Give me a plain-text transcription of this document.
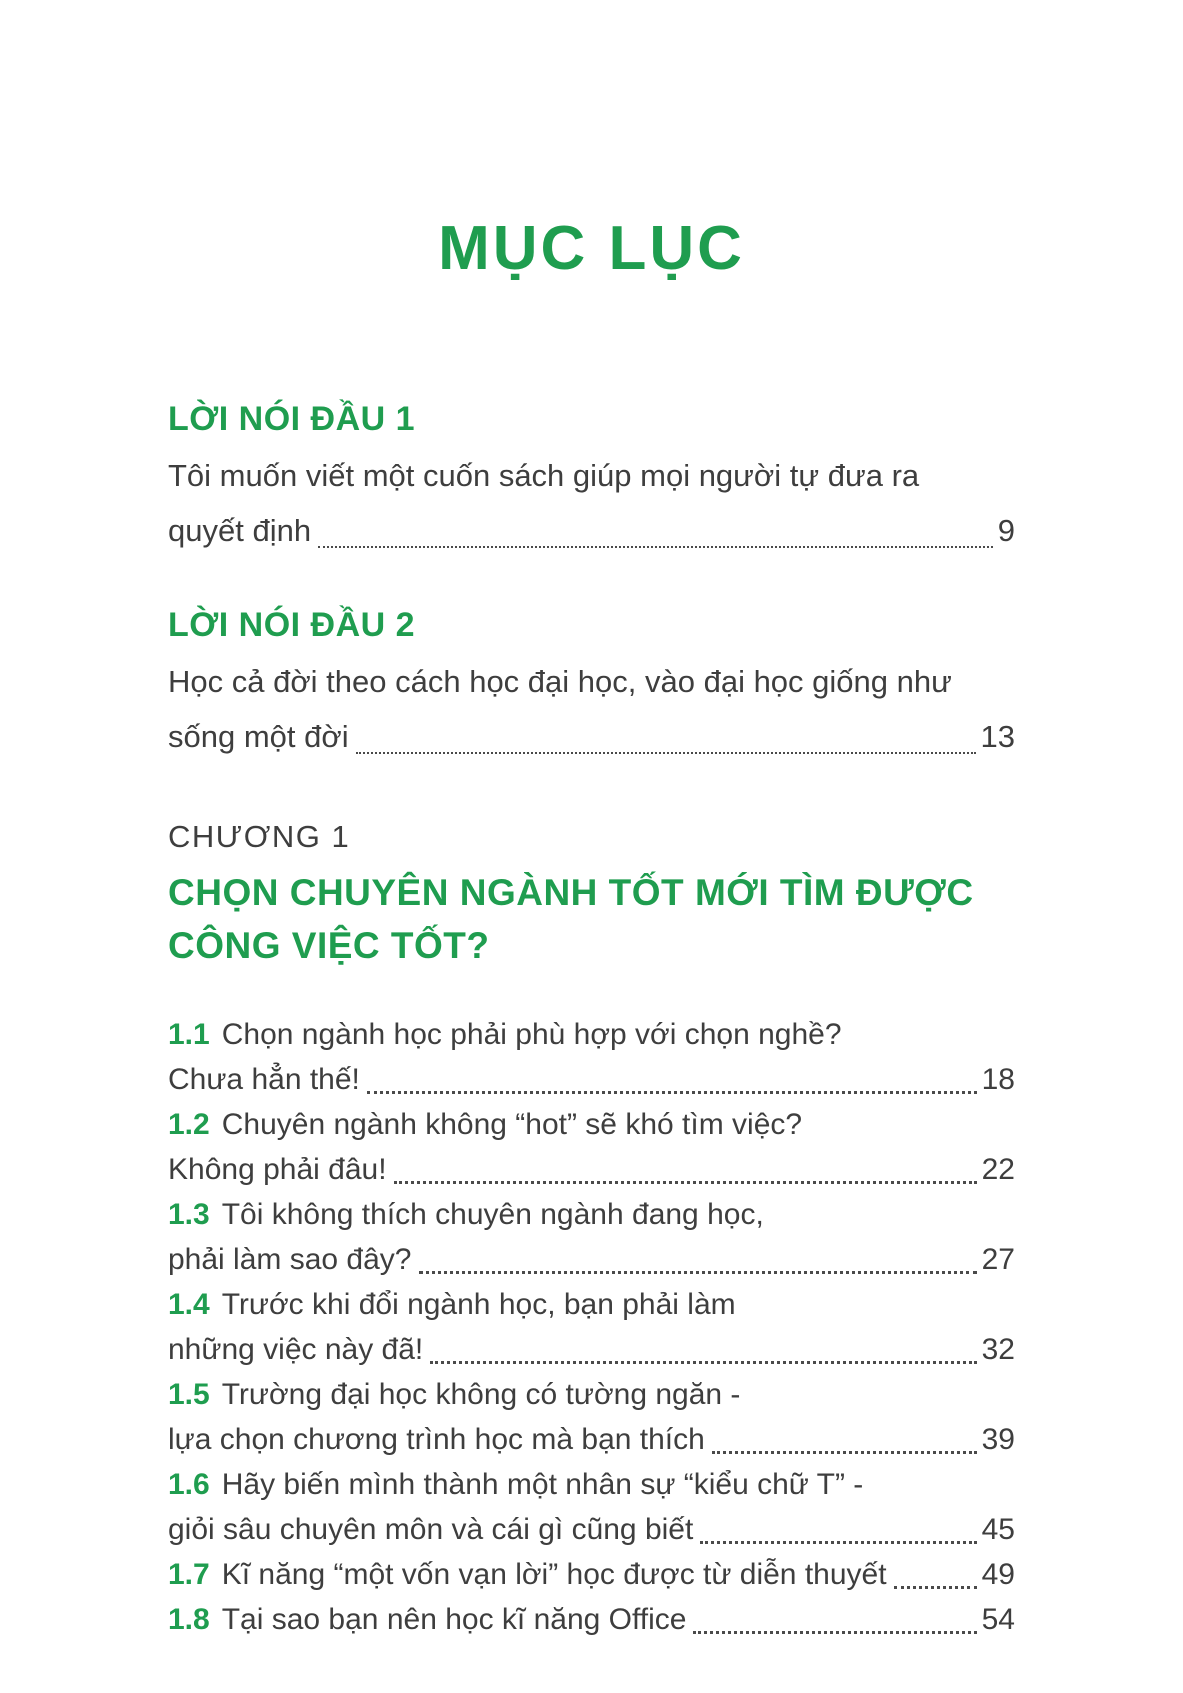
MỤC LỤC
LỜI NÓI ĐẦU 1
Tôi muốn viết một cuốn sách giúp mọi người tự đưa ra
quyết định	9
LỜI NÓI ĐẦU 2
Học cả đời theo cách học đại học, vào đại học giống như
sống một đời	13
CHƯƠNG 1
CHỌN CHUYÊN NGÀNH TỐT MỚI TÌM ĐƯỢC
CÔNG VIỆC TỐT?
1.1 Chọn ngành học phải phù hợp với chọn nghề?
Chưa hẳn thế!	18
1.2 Chuyên ngành không “hot” sẽ khó tìm việc?
Không phải đâu!	22
1.3 Tôi không thích chuyên ngành đang học,
phải làm sao đây?	27
1.4 Trước khi đổi ngành học, bạn phải làm
những việc này đã!	32
1.5 Trường đại học không có tường ngăn -
lựa chọn chương trình học mà bạn thích	39
1.6 Hãy biến mình thành một nhân sự “kiểu chữ T” -
giỏi sâu chuyên môn và cái gì cũng biết	45
1.7 Kĩ năng “một vốn vạn lời” học được từ diễn thuyết	49
1.8 Tại sao bạn nên học kĩ năng Office	54
